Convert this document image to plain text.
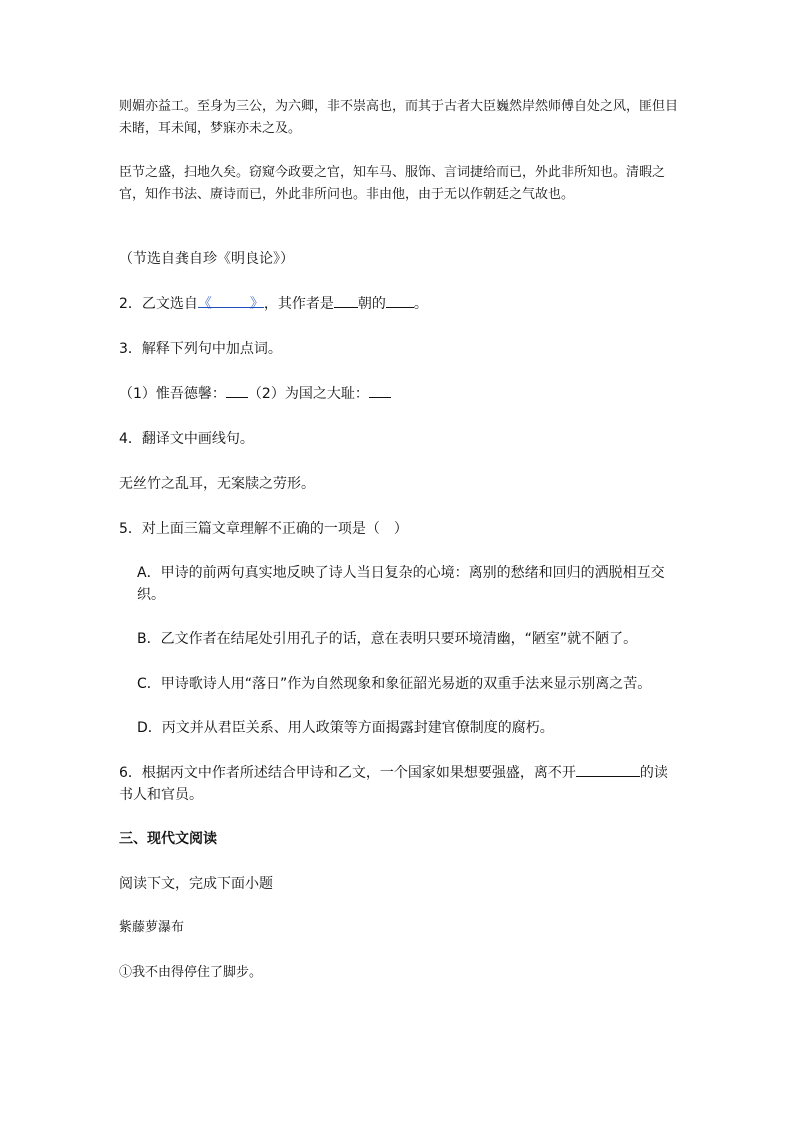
则媚亦益工。至身为三公，为六卿，非不崇高也，而其于古者大臣巍然岸然师傅自处之风，匪但目未睹，耳未闻，梦寐亦未之及。

臣节之盛，扫地久矣。窃窥今政要之官，知车马、服饰、言词捷给而已，外此非所知也。清暇之官，知作书法、赓诗而已，外此非所问也。非由他，由于无以作朝廷之气故也。

（节选自龚自珍《明良论》）

2．乙文选自《	》，其作者是 朝的 。

3．解释下列句中加点词。

（1）惟吾德馨： （2）为国之大耻：

4．翻译文中画线句。

无丝竹之乱耳，无案牍之劳形。

5．对上面三篇文章理解不正确的一项是（　）

A．甲诗的前两句真实地反映了诗人当日复杂的心境：离别的愁绪和回归的洒脱相互交织。

B．乙文作者在结尾处引用孔子的话，意在表明只要环境清幽，“陋室”就不陋了。

C．甲诗歌诗人用“落日”作为自然现象和象征韶光易逝的双重手法来显示别离之苦。

D．丙文并从君臣关系、用人政策等方面揭露封建官僚制度的腐朽。

6．根据丙文中作者所述结合甲诗和乙文，一个国家如果想要强盛，离不开	的读书人和官员。

三、现代文阅读

阅读下文，完成下面小题

紫藤萝瀑布

①我不由得停住了脚步。
